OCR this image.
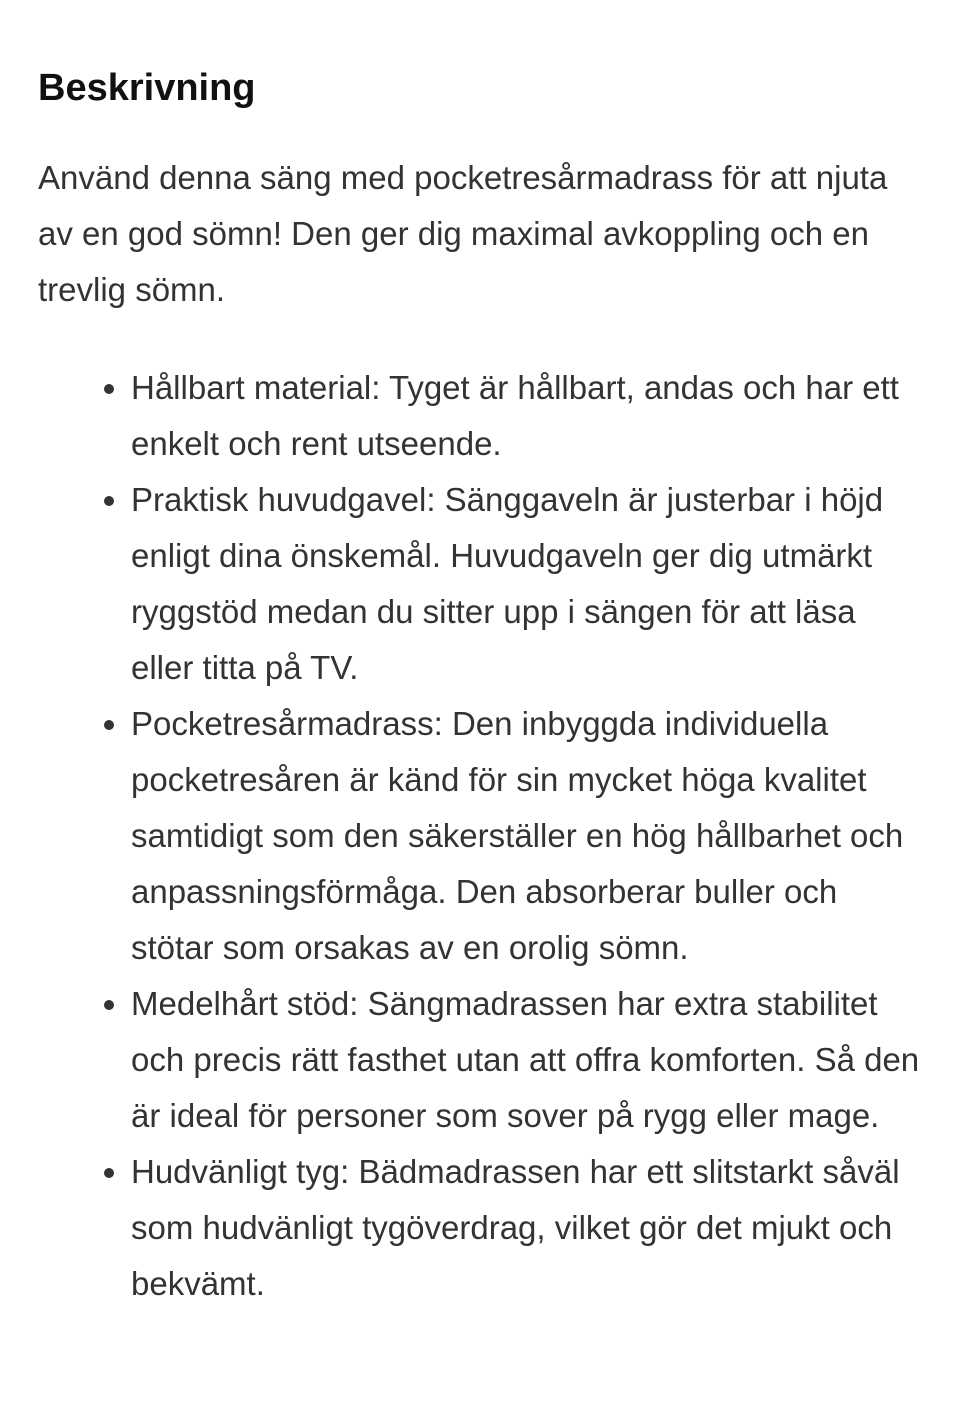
Beskrivning

Använd denna säng med pocketresårmadrass för att njuta av en god sömn! Den ger dig maximal avkoppling och en trevlig sömn.

Hållbart material: Tyget är hållbart, andas och har ett enkelt och rent utseende.
Praktisk huvudgavel: Sänggaveln är justerbar i höjd enligt dina önskemål. Huvudgaveln ger dig utmärkt ryggstöd medan du sitter upp i sängen för att läsa eller titta på TV.
Pocketresårmadrass: Den inbyggda individuella pocketresåren är känd för sin mycket höga kvalitet samtidigt som den säkerställer en hög hållbarhet och anpassningsförmåga. Den absorberar buller och stötar som orsakas av en orolig sömn.
Medelhårt stöd: Sängmadrassen har extra stabilitet och precis rätt fasthet utan att offra komforten. Så den är ideal för personer som sover på rygg eller mage.
Hudvänligt tyg: Bädmadrassen har ett slitstarkt såväl som hudvänligt tygöverdrag, vilket gör det mjukt och bekvämt.
